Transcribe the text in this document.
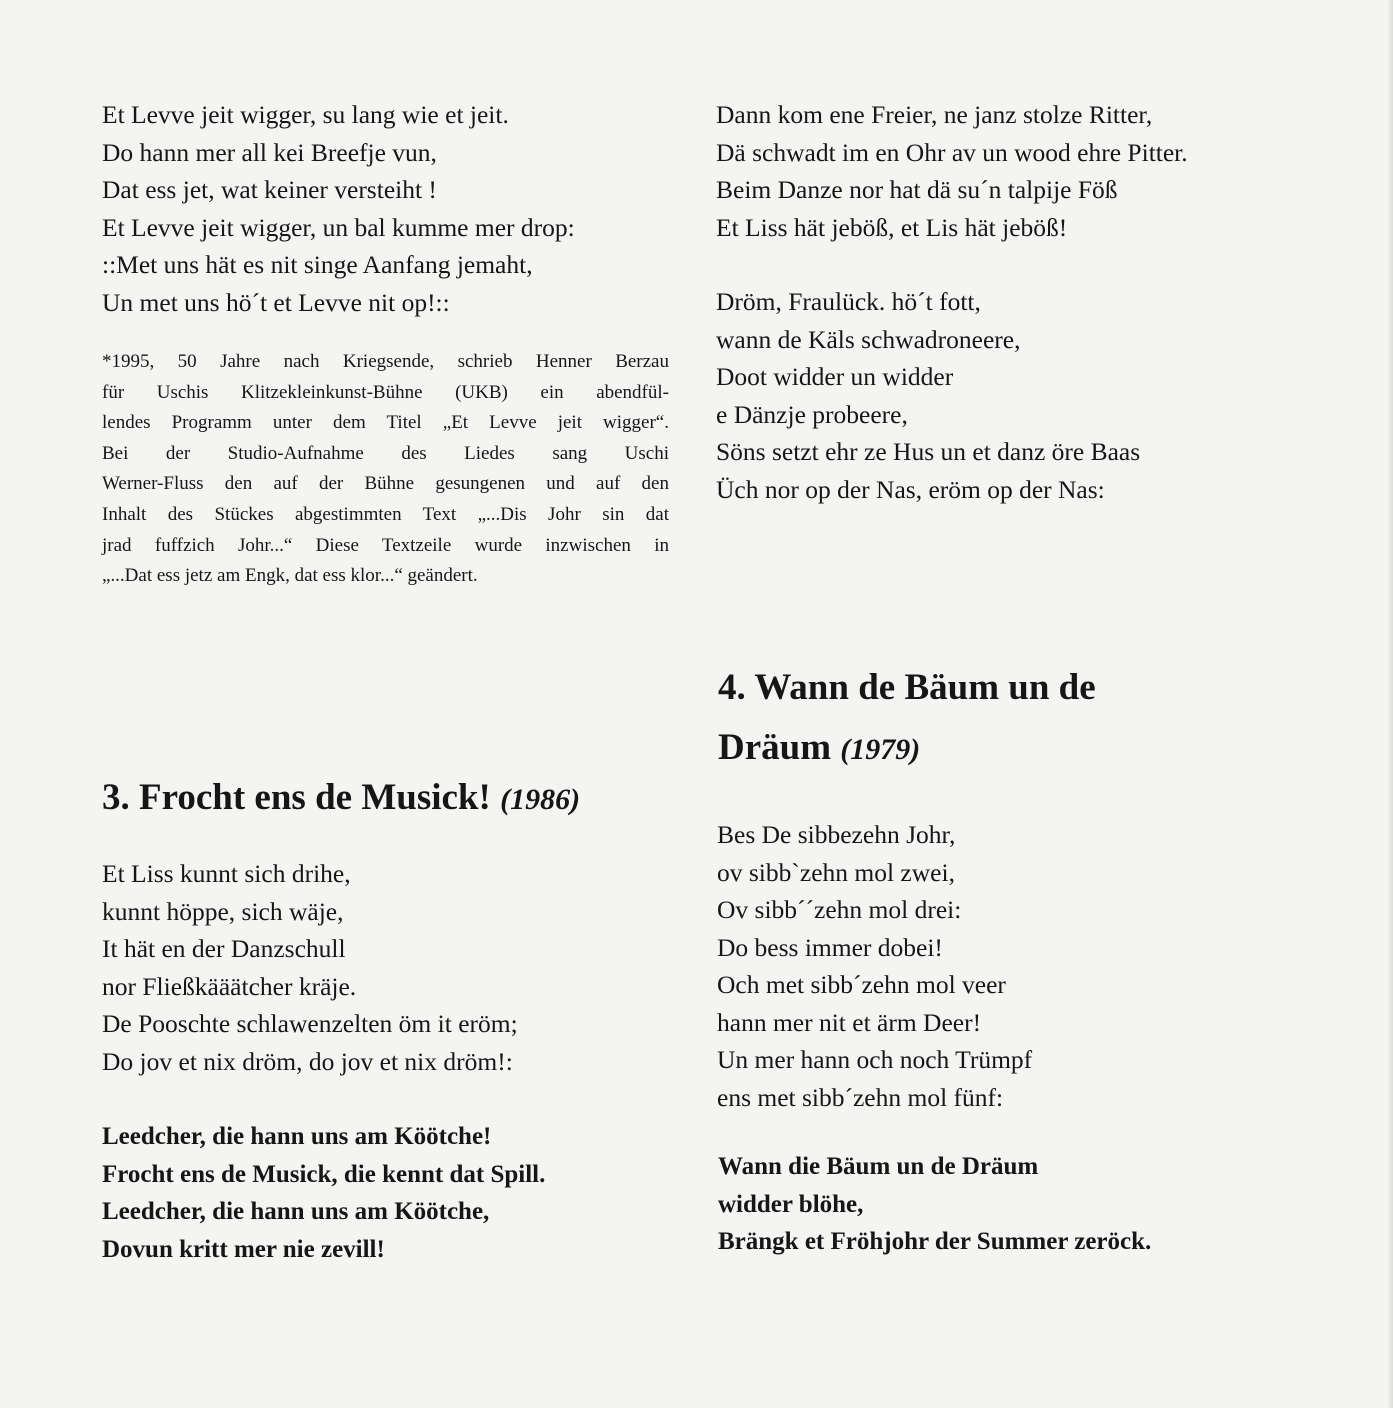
Et Levve jeit wigger, su lang wie et jeit.
Do hann mer all kei Breefje vun,
Dat ess jet, wat keiner versteiht !
Et Levve jeit wigger, un bal kumme mer drop:
::Met uns hät es nit singe Aanfang jemaht,
Un met uns hö´t et Levve nit op!::
*1995, 50 Jahre nach Kriegsende, schrieb Henner Berzau
für Uschis Klitzekleinkunst-Bühne (UKB) ein abendfül-
lendes Programm unter dem Titel „Et Levve jeit wigger“.
Bei der Studio-Aufnahme des Liedes sang Uschi
Werner-Fluss den auf der Bühne gesungenen und auf den
Inhalt des Stückes abgestimmten Text „...Dis Johr sin dat
jrad fuffzich Johr...“ Diese Textzeile wurde inzwischen in
„...Dat ess jetz am Engk, dat ess klor...“ geändert.
3. Frocht ens de Musick! (1986)
Et Liss kunnt sich drihe,
kunnt höppe, sich wäje,
It hät en der Danzschull
nor Fließkääätcher kräje.
De Pooschte schlawenzelten öm it eröm;
Do jov et nix dröm, do jov et nix dröm!:
Leedcher, die hann uns am Köötche!
Frocht ens de Musick, die kennt dat Spill.
Leedcher, die hann uns am Köötche,
Dovun kritt mer nie zevill!
Dann kom ene Freier, ne janz stolze Ritter,
Dä schwadt im en Ohr av un wood ehre Pitter.
Beim Danze nor hat dä su´n talpije Föß
Et Liss hät jeböß, et Lis hät jeböß!
Dröm, Fraulück. hö´t fott,
wann de Käls schwadroneere,
Doot widder un widder
e Dänzje probeere,
Söns setzt ehr ze Hus un et danz öre Baas
Üch nor op der Nas, eröm op der Nas:
4. Wann de Bäum un de
Dräum (1979)
Bes De sibbezehn Johr,
ov sibb`zehn mol zwei,
Ov sibb´´zehn mol drei:
Do bess immer dobei!
Och met sibb´zehn mol veer
hann mer nit et ärm Deer!
Un mer hann och noch Trümpf
ens met sibb´zehn mol fünf:
Wann die Bäum un de Dräum
widder blöhe,
Brängk et Fröhjohr der Summer zeröck.
